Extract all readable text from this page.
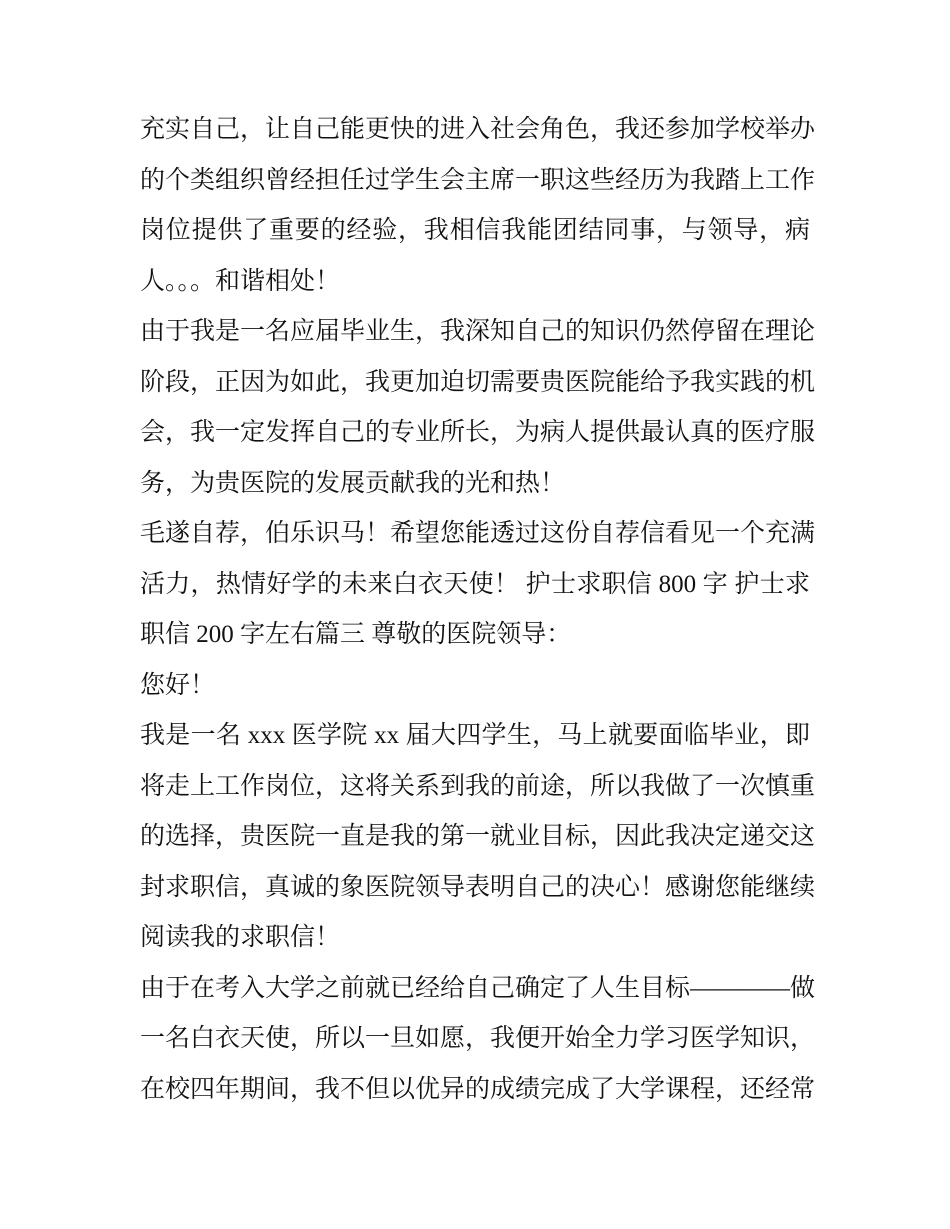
充实自己，让自己能更快的进入社会角色，我还参加学校举办
的个类组织曾经担任过学生会主席一职这些经历为我踏上工作
岗位提供了重要的经验，我相信我能团结同事，与领导，病
人。。。和谐相处！
由于我是一名应届毕业生，我深知自己的知识仍然停留在理论
阶段，正因为如此，我更加迫切需要贵医院能给予我实践的机
会，我一定发挥自己的专业所长，为病人提供最认真的医疗服
务，为贵医院的发展贡献我的光和热！
毛遂自荐，伯乐识马！希望您能透过这份自荐信看见一个充满
活力，热情好学的未来白衣天使！ 护士求职信 800 字 护士求
职信 200 字左右篇三 尊敬的医院领导：
您好！
我是一名 xxx 医学院 xx 届大四学生，马上就要面临毕业，即
将走上工作岗位，这将关系到我的前途，所以我做了一次慎重
的选择，贵医院一直是我的第一就业目标，因此我决定递交这
封求职信，真诚的象医院领导表明自己的决心！感谢您能继续
阅读我的求职信！
由于在考入大学之前就已经给自己确定了人生目标————做
一名白衣天使，所以一旦如愿，我便开始全力学习医学知识，
在校四年期间，我不但以优异的成绩完成了大学课程，还经常
